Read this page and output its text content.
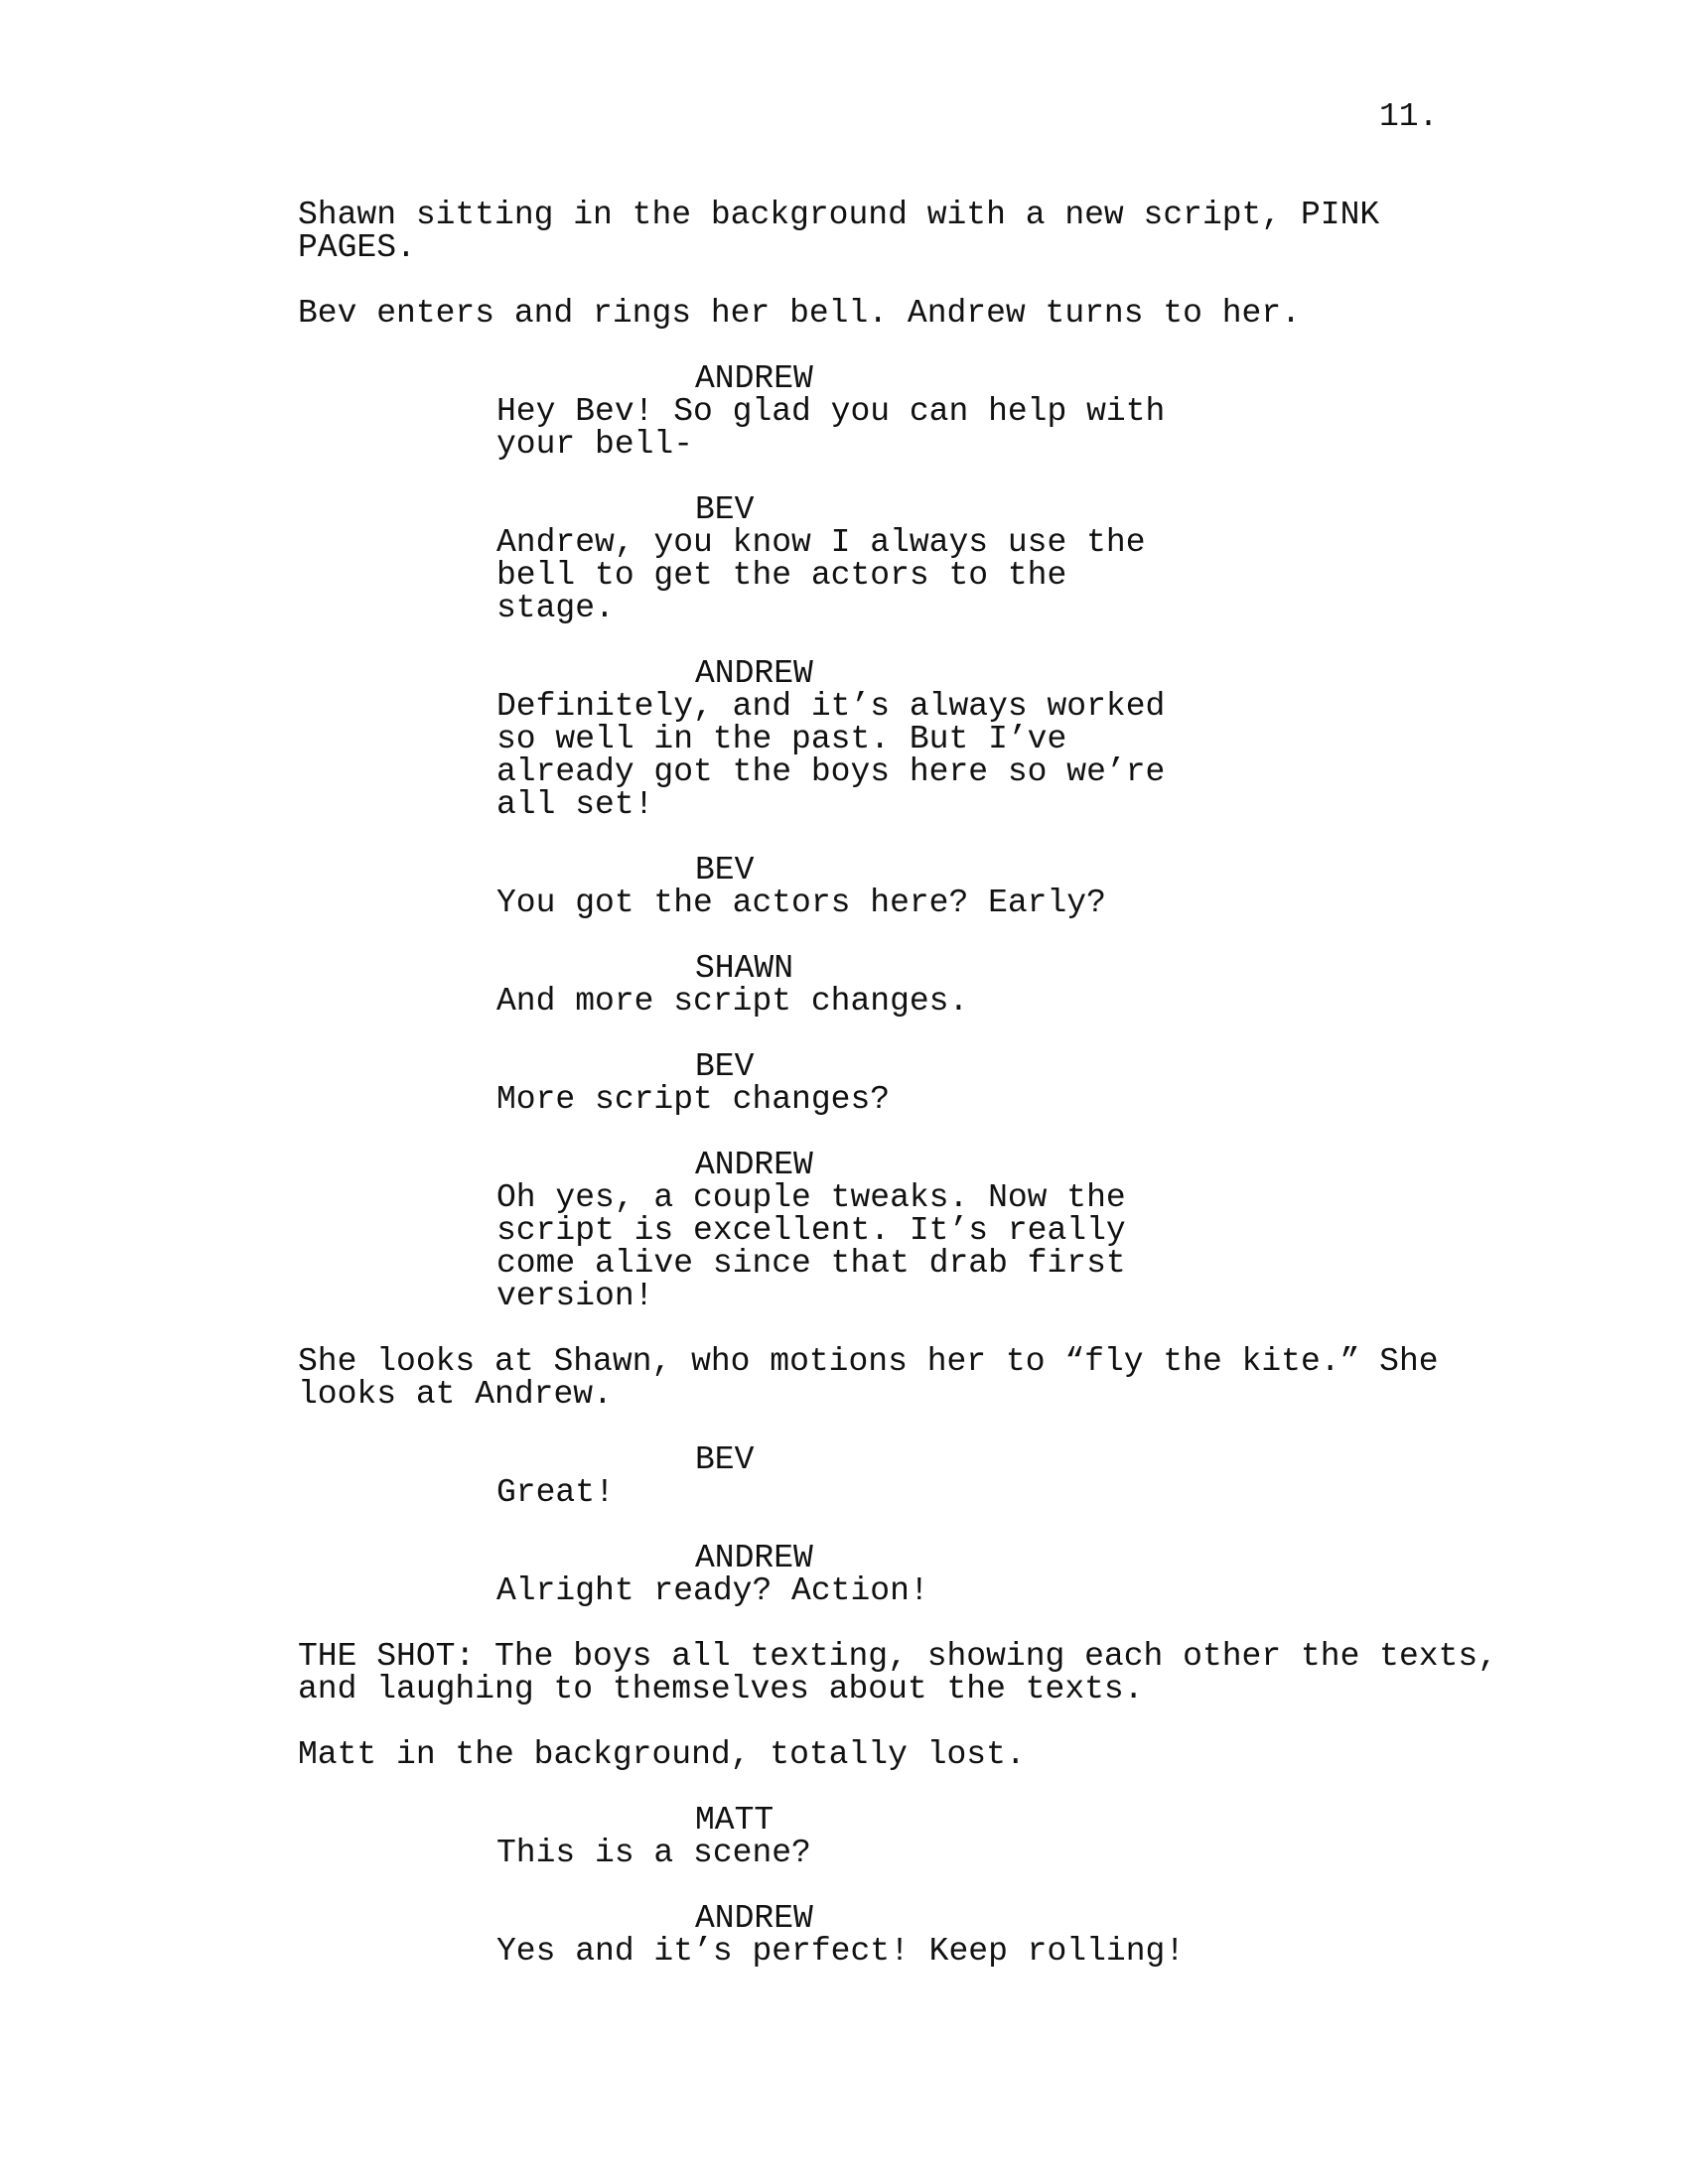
11.
Shawn sitting in the background with a new script, PINK
PAGES.
Bev enters and rings her bell. Andrew turns to her.
ANDREW
Hey Bev! So glad you can help with
your bell-
BEV
Andrew, you know I always use the
bell to get the actors to the
stage.
ANDREW
Definitely, and it’s always worked
so well in the past. But I’ve
already got the boys here so we’re
all set!
BEV
You got the actors here? Early?
SHAWN
And more script changes.
BEV
More script changes?
ANDREW
Oh yes, a couple tweaks. Now the
script is excellent. It’s really
come alive since that drab first
version!
She looks at Shawn, who motions her to “fly the kite.” She
looks at Andrew.
BEV
Great!
ANDREW
Alright ready? Action!
THE SHOT: The boys all texting, showing each other the texts,
and laughing to themselves about the texts.
Matt in the background, totally lost.
MATT
This is a scene?
ANDREW
Yes and it’s perfect! Keep rolling!
